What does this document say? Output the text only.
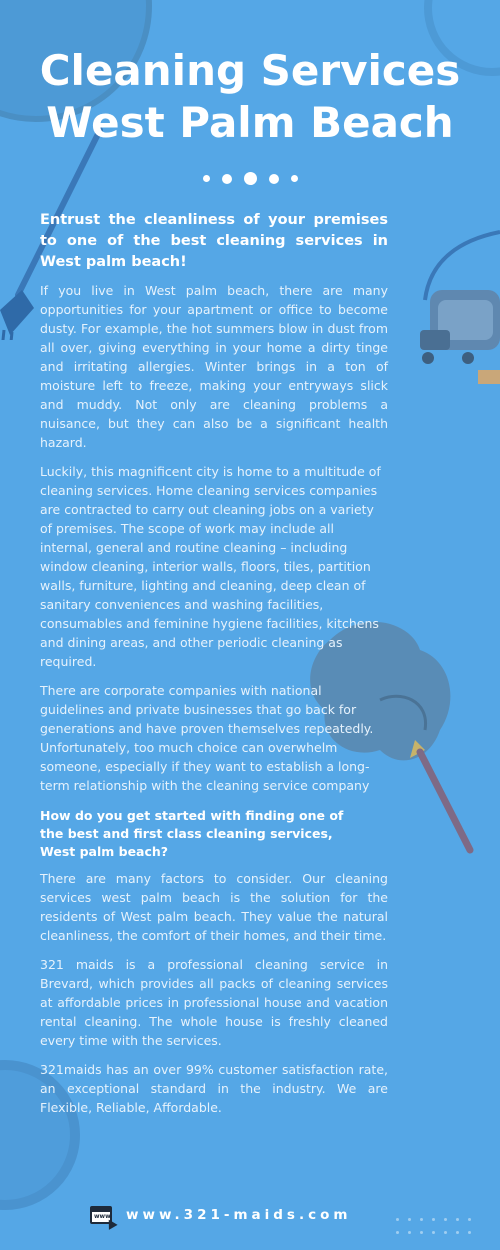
Cleaning Services
West Palm Beach

Entrust the cleanliness of your premises to one of the best cleaning services in West palm beach!

If you live in West palm beach, there are many opportunities for your apartment or office to become dusty. For example, the hot summers blow in dust from all over, giving everything in your home a dirty tinge and irritating allergies. Winter brings in a ton of moisture left to freeze, making your entryways slick and muddy. Not only are cleaning problems a nuisance, but they can also be a significant health hazard.

Luckily, this magnificent city is home to a multitude of cleaning services. Home cleaning services companies are contracted to carry out cleaning jobs on a variety of premises. The scope of work may include all internal, general and routine cleaning – including window cleaning, interior walls, floors, tiles, partition walls, furniture, lighting and cleaning, deep clean of sanitary conveniences and washing facilities, consumables and feminine hygiene facilities, kitchens and dining areas, and other periodic cleaning as required.

There are corporate companies with national guidelines and private businesses that go back for generations and have proven themselves repeatedly. Unfortunately, too much choice can overwhelm someone, especially if they want to establish a long-term relationship with the cleaning service company

How do you get started with finding one of the best and first class cleaning services, West palm beach?

There are many factors to consider. Our cleaning services west palm beach is the solution for the residents of West palm beach. They value the natural cleanliness, the comfort of their homes, and their time.

321 maids is a professional cleaning service in Brevard, which provides all packs of cleaning services at affordable prices in professional house and vacation rental cleaning. The whole house is freshly cleaned every time with the services.

321maids has an over 99% customer satisfaction rate, an exceptional standard in the industry. We are Flexible, Reliable, Affordable.

www www.321-maids.com
